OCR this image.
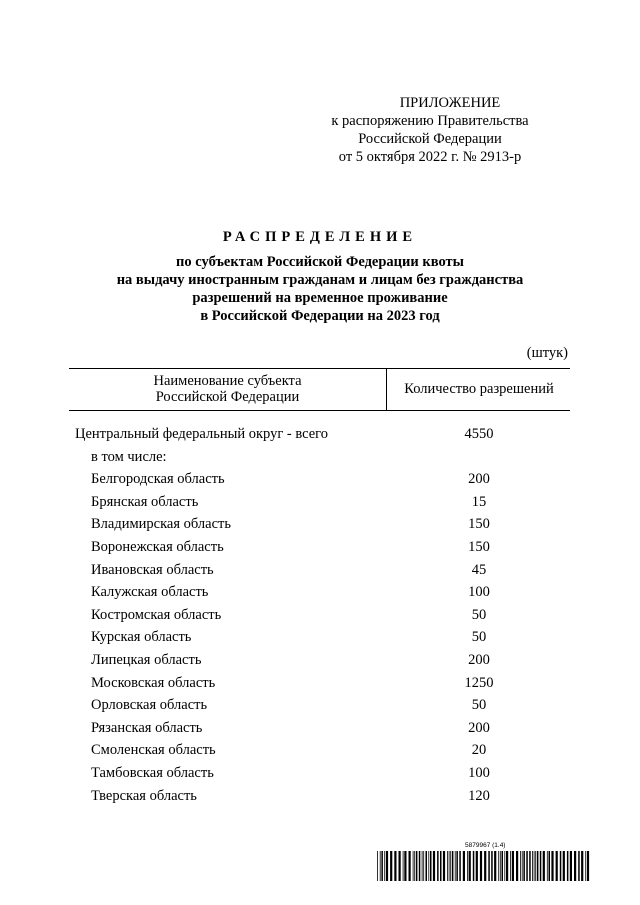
ПРИЛОЖЕНИЕ
к распоряжению Правительства
Российской Федерации
от 5 октября 2022 г. № 2913-р
РАСПРЕДЕЛЕНИЕ
по субъектам Российской Федерации квоты
на выдачу иностранным гражданам и лицам без гражданства
разрешений на временное проживание
в Российской Федерации на 2023 год
(штук)
Наименование субъекта
Российской Федерации	Количество разрешений
Центральный федеральный округ - всего	4550
в том числе:
Белгородская область	200
Брянская область	15
Владимирская область	150
Воронежская область	150
Ивановская область	45
Калужская область	100
Костромская область	50
Курская область	50
Липецкая область	200
Московская область	1250
Орловская область	50
Рязанская область	200
Смоленская область	20
Тамбовская область	100
Тверская область	120
5879967 (1.4)
